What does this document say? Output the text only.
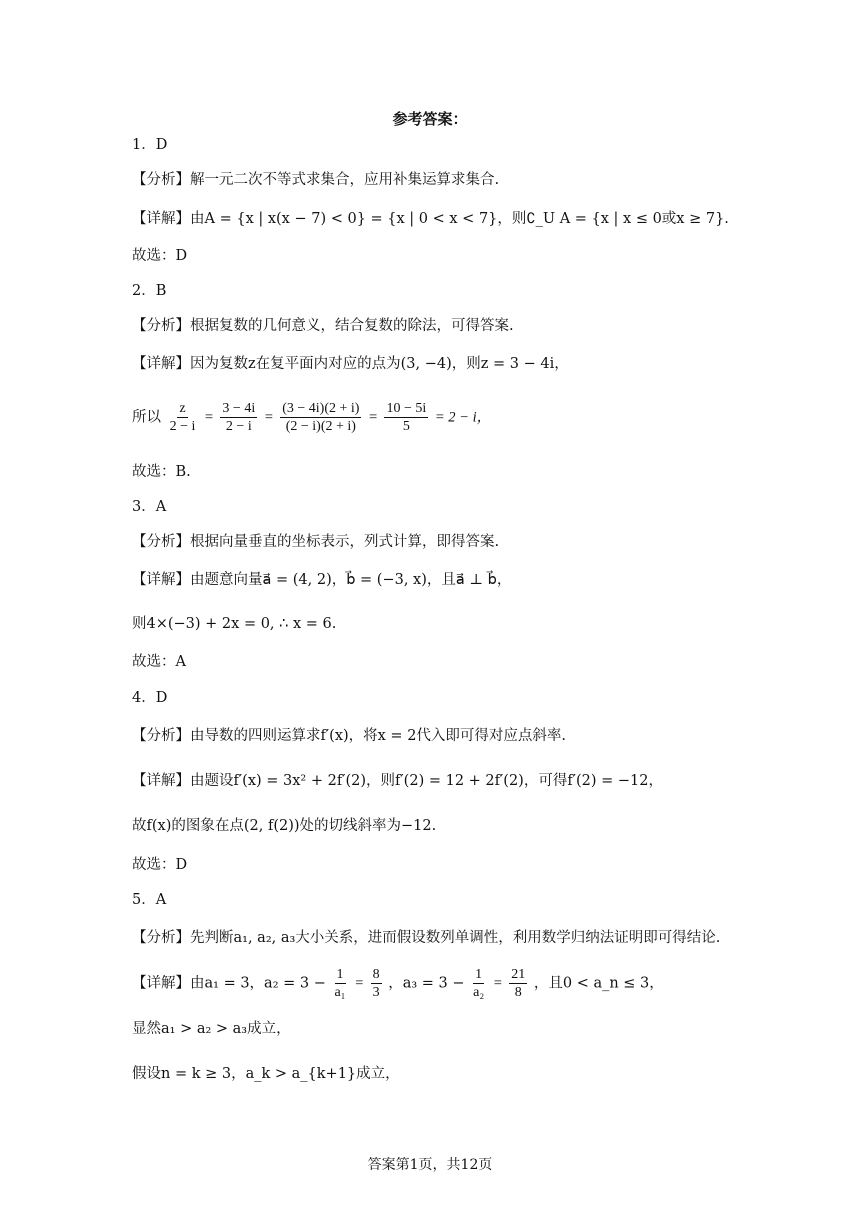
参考答案：
1．D
【分析】解一元二次不等式求集合，应用补集运算求集合.
【详解】由A = {x | x(x − 7) < 0} = {x | 0 < x < 7}，则∁_U A = {x | x ≤ 0或x ≥ 7}.
故选：D
2．B
【分析】根据复数的几何意义，结合复数的除法，可得答案.
【详解】因为复数z在复平面内对应的点为(3, −4)，则z = 3 − 4i，
所以 $\frac{z}{2 - i} = \frac{3 - 4i}{2 - i} = \frac{(3 - 4i)(2 + i)}{(2 - i)(2 + i)} = \frac{10 - 5i}{5} = 2 - i$，
故选：B.
3．A
【分析】根据向量垂直的坐标表示，列式计算，即得答案.
【详解】由题意向量a⃗ = (4, 2)，b⃗ = (−3, x)，且a⃗ ⊥ b⃗，
则4×(−3) + 2x = 0, ∴ x = 6.
故选：A
4．D
【分析】由导数的四则运算求f′(x)，将x = 2代入即可得对应点斜率.
【详解】由题设f′(x) = 3x² + 2f′(2)，则f′(2) = 12 + 2f′(2)，可得f′(2) = −12，
故f(x)的图象在点(2, f(2))处的切线斜率为−12.
故选：D
5．A
【分析】先判断a₁, a₂, a₃大小关系，进而假设数列单调性，利用数学归纳法证明即可得结论.
【详解】由a₁ = 3，$a_2 = 3 - \frac{1}{\text{a₁}} = \frac{8}{3}$ ，$a_3 = 3 - \frac{1}{\text{a₂}} = \frac{21}{8}$ ，且0 < a_n ≤ 3，
显然a₁ > a₂ > a₃成立，
假设n = k ≥ 3，a_k > a_{k+1}成立，
答案第1页，共12页
